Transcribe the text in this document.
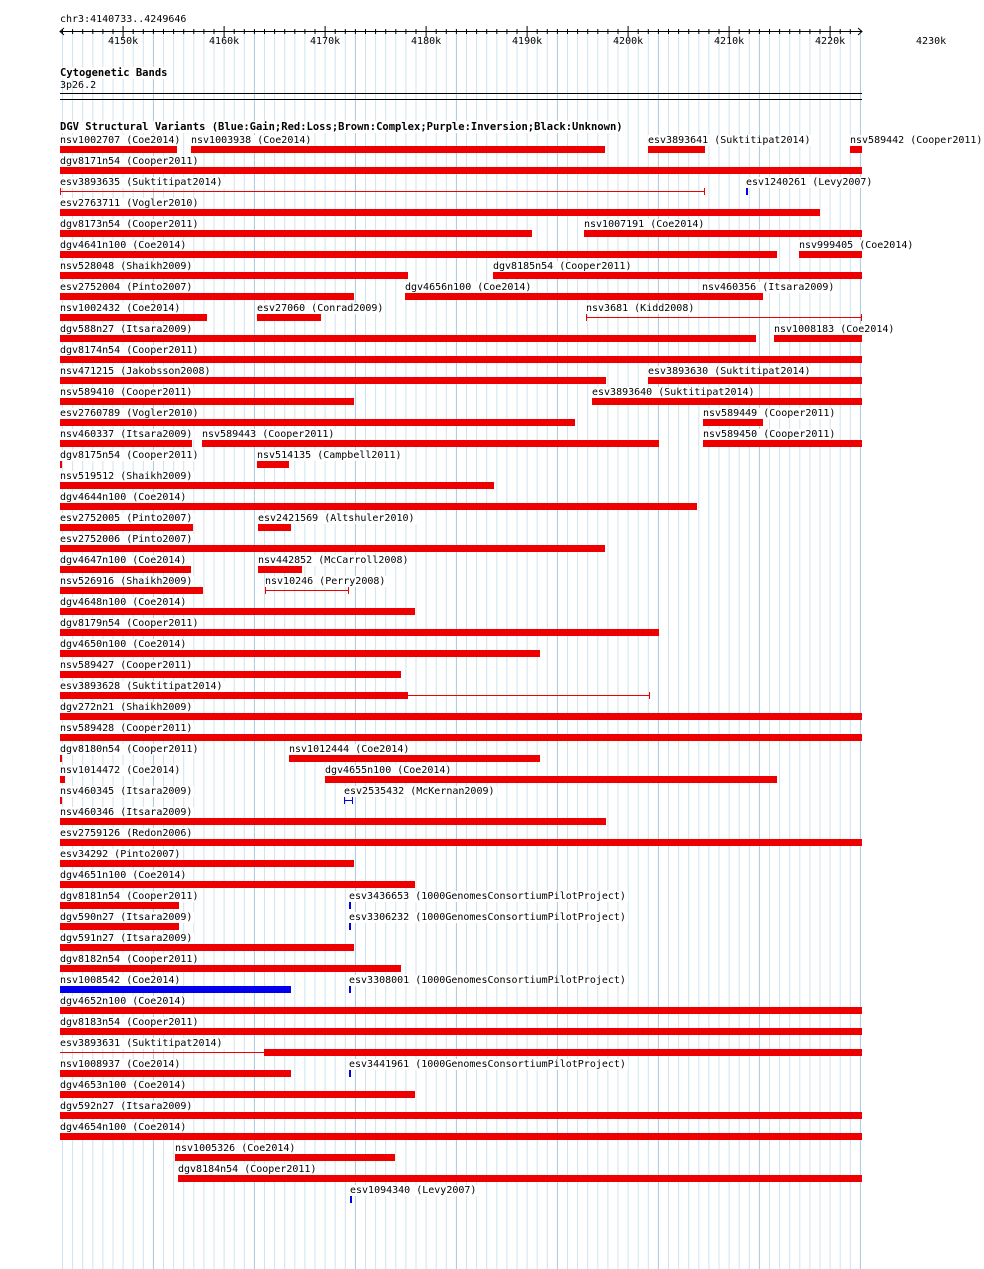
4150k	4160k	4170k	4180k	4190k	4200k	4210k	4220k	4230k
chr3:4140733..4249646
Cytogenetic Bands
3p26.2
DGV Structural Variants (Blue:Gain;Red:Loss;Brown:Complex;Purple:Inversion;Black:Unknown)
nsv1002707 (Coe2014) nsv1003938 (Coe2014)	esv3893641 (Suktitipat2014)	nsv589442 (Cooper2011)
dgv8171n54 (Cooper2011)
esv3893635 (Suktitipat2014)	esv1240261 (Levy2007)
esv2763711 (Vogler2010)
dgv8173n54 (Cooper2011)	nsv1007191 (Coe2014)
dgv4641n100 (Coe2014)	nsv999405 (Coe2014)
nsv528048 (Shaikh2009)	dgv8185n54 (Cooper2011)
esv2752004 (Pinto2007)	dgv4656n100 (Coe2014)	nsv460356 (Itsara2009)
nsv1002432 (Coe2014)	esv27060 (Conrad2009)	nsv3681 (Kidd2008)
dgv588n27 (Itsara2009)	nsv1008183 (Coe2014)
dgv8174n54 (Cooper2011)
nsv471215 (Jakobsson2008)	esv3893630 (Suktitipat2014)
nsv589410 (Cooper2011)	esv3893640 (Suktitipat2014)
esv2760789 (Vogler2010)	nsv589449 (Cooper2011)
nsv460337 (Itsara2009) nsv589443 (Cooper2011)	nsv589450 (Cooper2011)
dgv8175n54 (Cooper2011)	nsv514135 (Campbell2011)
nsv519512 (Shaikh2009)
dgv4644n100 (Coe2014)
esv2752005 (Pinto2007)	esv2421569 (Altshuler2010)
esv2752006 (Pinto2007)
dgv4647n100 (Coe2014)	nsv442852 (McCarroll2008)
nsv526916 (Shaikh2009)	nsv10246 (Perry2008)
dgv4648n100 (Coe2014)
dgv8179n54 (Cooper2011)
dgv4650n100 (Coe2014)
nsv589427 (Cooper2011)
esv3893628 (Suktitipat2014)
dgv272n21 (Shaikh2009)
nsv589428 (Cooper2011)
dgv8180n54 (Cooper2011)	nsv1012444 (Coe2014)
nsv1014472 (Coe2014)	dgv4655n100 (Coe2014)
nsv460345 (Itsara2009)	esv2535432 (McKernan2009)
nsv460346 (Itsara2009)
esv2759126 (Redon2006)
esv34292 (Pinto2007)
dgv4651n100 (Coe2014)
dgv8181n54 (Cooper2011)	esv3436653 (1000GenomesConsortiumPilotProject)
dgv590n27 (Itsara2009)	esv3306232 (1000GenomesConsortiumPilotProject)
dgv591n27 (Itsara2009)
dgv8182n54 (Cooper2011)
nsv1008542 (Coe2014)	esv3308001 (1000GenomesConsortiumPilotProject)
dgv4652n100 (Coe2014)
dgv8183n54 (Cooper2011)
esv3893631 (Suktitipat2014)
nsv1008937 (Coe2014)	esv3441961 (1000GenomesConsortiumPilotProject)
dgv4653n100 (Coe2014)
dgv592n27 (Itsara2009)
dgv4654n100 (Coe2014)
nsv1005326 (Coe2014)
dgv8184n54 (Cooper2011)
esv1094340 (Levy2007)
